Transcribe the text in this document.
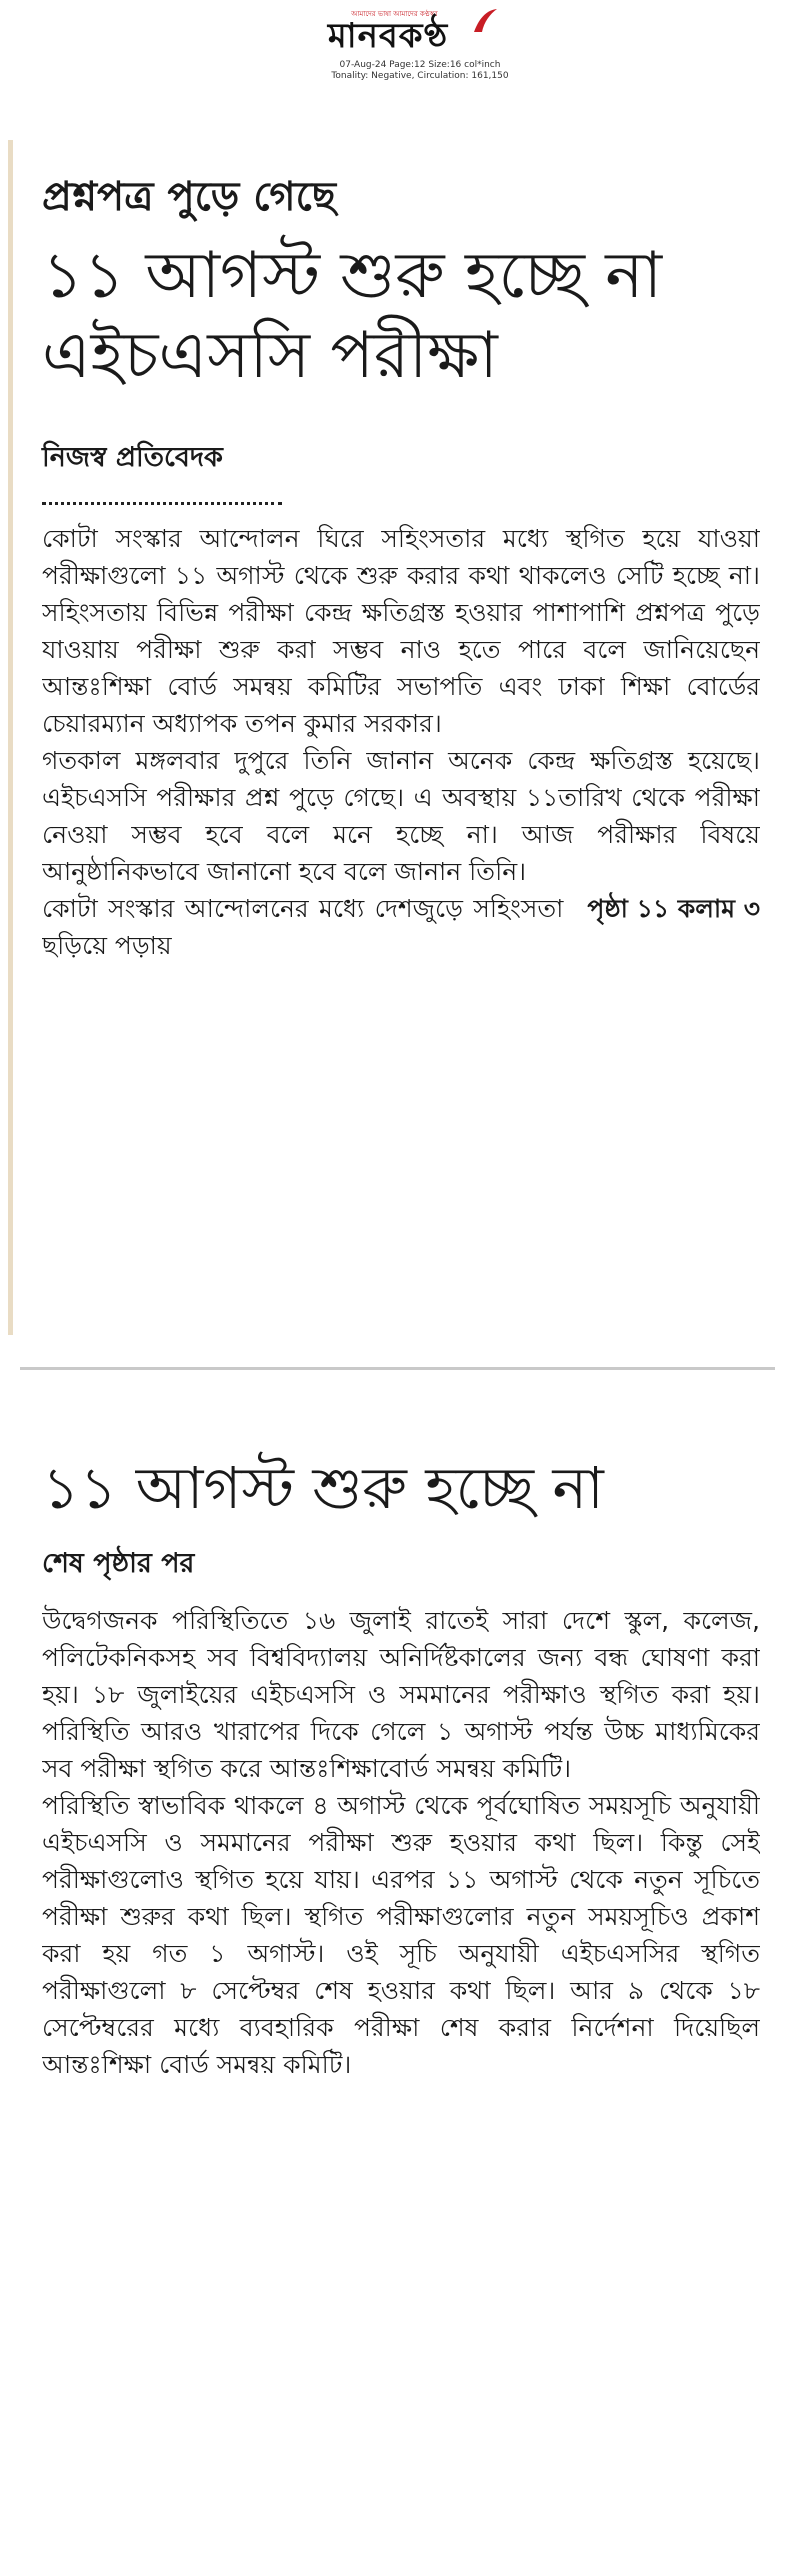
আমাদের ভাষা আমাদের কণ্ঠস্বর
মানবকণ্ঠ
07-Aug-24 Page:12 Size:16 col*inch
Tonality: Negative, Circulation: 161,150
প্রশ্নপত্র পুড়ে গেছে
১১ আগস্ট শুরু হচ্ছে না
এইচএসসি পরীক্ষা
নিজস্ব প্রতিবেদক

কোটা সংস্কার আন্দোলন ঘিরে সহিংসতার মধ্যে স্থগিত হয়ে যাওয়া পরীক্ষাগুলো ১১ অগাস্ট থেকে শুরু করার কথা থাকলেও সেটি হচ্ছে না। সহিংসতায় বিভিন্ন পরীক্ষা কেন্দ্র ক্ষতিগ্রস্ত হওয়ার পাশাপাশি প্রশ্নপত্র পুড়ে যাওয়ায় পরীক্ষা শুরু করা সম্ভব নাও হতে পারে বলে জানিয়েছেন আন্তঃশিক্ষা বোর্ড সমন্বয় কমিটির সভাপতি এবং ঢাকা শিক্ষা বোর্ডের চেয়ারম্যান অধ্যাপক তপন কুমার সরকার।

গতকাল মঙ্গলবার দুপুরে তিনি জানান অনেক কেন্দ্র ক্ষতিগ্রস্ত হয়েছে। এইচএসসি পরীক্ষার প্রশ্ন পুড়ে গেছে। এ অবস্থায় ১১তারিখ থেকে পরীক্ষা নেওয়া সম্ভব হবে বলে মনে হচ্ছে না। আজ পরীক্ষার বিষয়ে আনুষ্ঠানিকভাবে জানানো হবে বলে জানান তিনি।

পৃষ্ঠা ১১ কলাম ৩
কোটা সংস্কার আন্দোলনের মধ্যে দেশজুড়ে সহিংসতা ছড়িয়ে পড়ায়

১১ আগস্ট শুরু হচ্ছে না
শেষ পৃষ্ঠার পর

উদ্বেগজনক পরিস্থিতিতে ১৬ জুলাই রাতেই সারা দেশে স্কুল, কলেজ, পলিটেকনিকসহ সব বিশ্ববিদ্যালয় অনির্দিষ্টকালের জন্য বন্ধ ঘোষণা করা হয়। ১৮ জুলাইয়ের এইচএসসি ও সমমানের পরীক্ষাও স্থগিত করা হয়। পরিস্থিতি আরও খারাপের দিকে গেলে ১ অগাস্ট পর্যন্ত উচ্চ মাধ্যমিকের সব পরীক্ষা স্থগিত করে আন্তঃশিক্ষাবোর্ড সমন্বয় কমিটি।

পরিস্থিতি স্বাভাবিক থাকলে ৪ অগাস্ট থেকে পূর্বঘোষিত সময়সূচি অনুযায়ী এইচএসসি ও সমমানের পরীক্ষা শুরু হওয়ার কথা ছিল। কিন্তু সেই পরীক্ষাগুলোও স্থগিত হয়ে যায়। এরপর ১১ অগাস্ট থেকে নতুন সূচিতে পরীক্ষা শুরুর কথা ছিল। স্থগিত পরীক্ষাগুলোর নতুন সময়সূচিও প্রকাশ করা হয় গত ১ অগাস্ট। ওই সূচি অনুযায়ী এইচএসসির স্থগিত পরীক্ষাগুলো ৮ সেপ্টেম্বর শেষ হওয়ার কথা ছিল। আর ৯ থেকে ১৮ সেপ্টেম্বরের মধ্যে ব্যবহারিক পরীক্ষা শেষ করার নির্দেশনা দিয়েছিল আন্তঃশিক্ষা বোর্ড সমন্বয় কমিটি।
